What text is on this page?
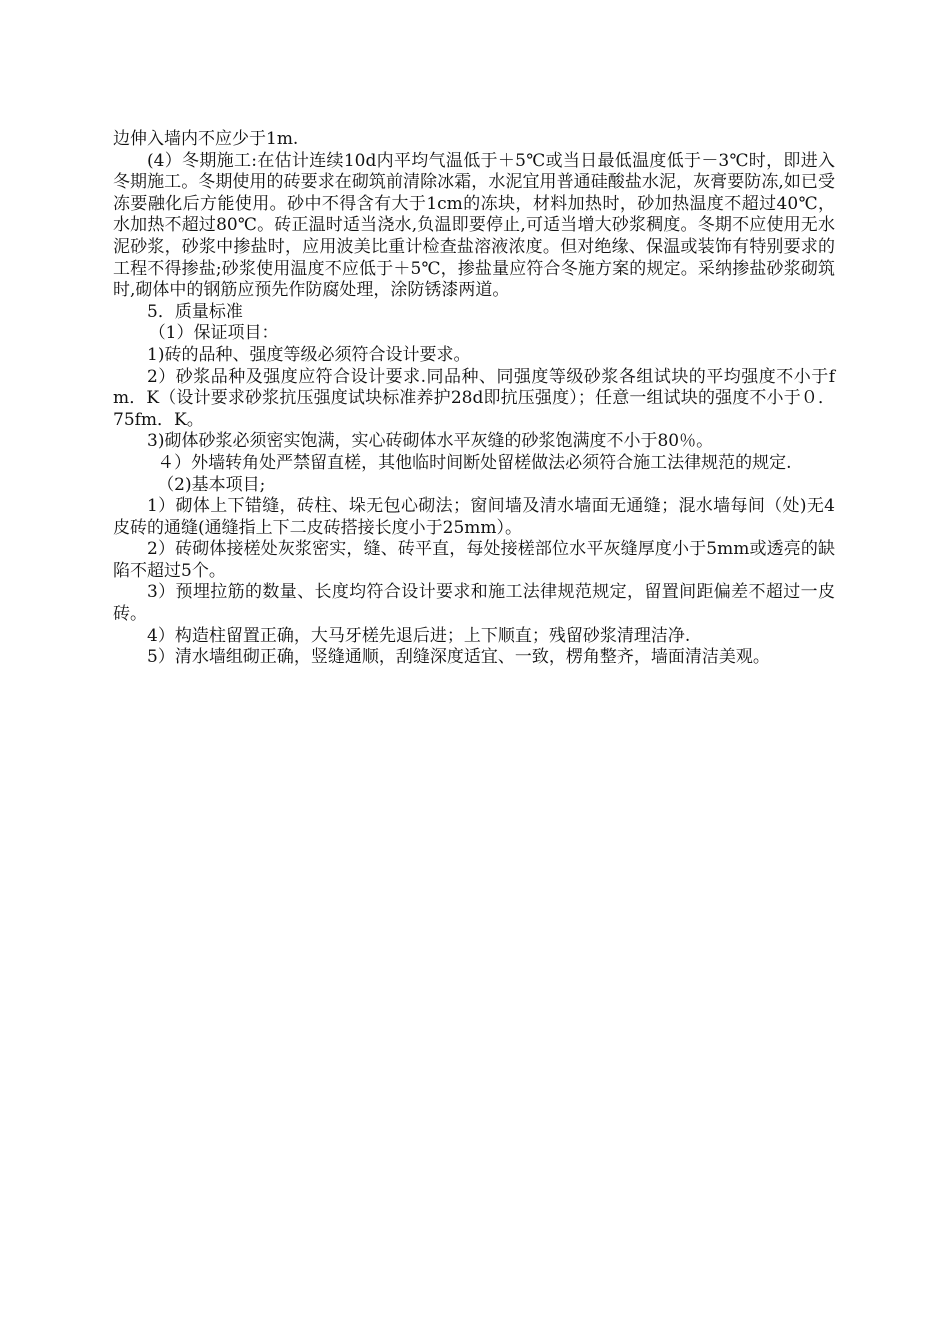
边伸入墙内不应少于1m.

(4）冬期施工:在估计连续10d内平均气温低于＋5℃或当日最低温度低于－3℃时，即进入冬期施工。冬期使用的砖要求在砌筑前清除冰霜，水泥宜用普通硅酸盐水泥，灰膏要防冻,如已受冻要融化后方能使用。砂中不得含有大于1cm的冻块，材料加热时，砂加热温度不超过40℃，水加热不超过80℃。砖正温时适当浇水,负温即要停止,可适当增大砂浆稠度。冬期不应使用无水泥砂浆，砂浆中掺盐时，应用波美比重计检查盐溶液浓度。但对绝缘、保温或装饰有特别要求的工程不得掺盐;砂浆使用温度不应低于＋5℃，掺盐量应符合冬施方案的规定。采纳掺盐砂浆砌筑时,砌体中的钢筋应预先作防腐处理，涂防锈漆两道。

5．质量标准

（1）保证项目：

1)砖的品种、强度等级必须符合设计要求。

2）砂浆品种及强度应符合设计要求.同品种、同强度等级砂浆各组试块的平均强度不小于fm．K（设计要求砂浆抗压强度试块标准养护28d即抗压强度）；任意一组试块的强度不小于０．75fm．K。

3)砌体砂浆必须密实饱满，实心砖砌体水平灰缝的砂浆饱满度不小于80％。

４）外墙转角处严禁留直槎，其他临时间断处留槎做法必须符合施工法律规范的规定.

（2)基本项目;

1）砌体上下错缝，砖柱、垛无包心砌法；窗间墙及清水墙面无通缝；混水墙每间（处)无4皮砖的通缝(通缝指上下二皮砖搭接长度小于25mm）。

2）砖砌体接槎处灰浆密实，缝、砖平直，每处接槎部位水平灰缝厚度小于5mm或透亮的缺陷不超过5个。

3）预埋拉筋的数量、长度均符合设计要求和施工法律规范规定，留置间距偏差不超过一皮砖。

4）构造柱留置正确，大马牙槎先退后进；上下顺直；残留砂浆清理洁净.

5）清水墙组砌正确，竖缝通顺，刮缝深度适宜、一致，楞角整齐，墙面清洁美观。
